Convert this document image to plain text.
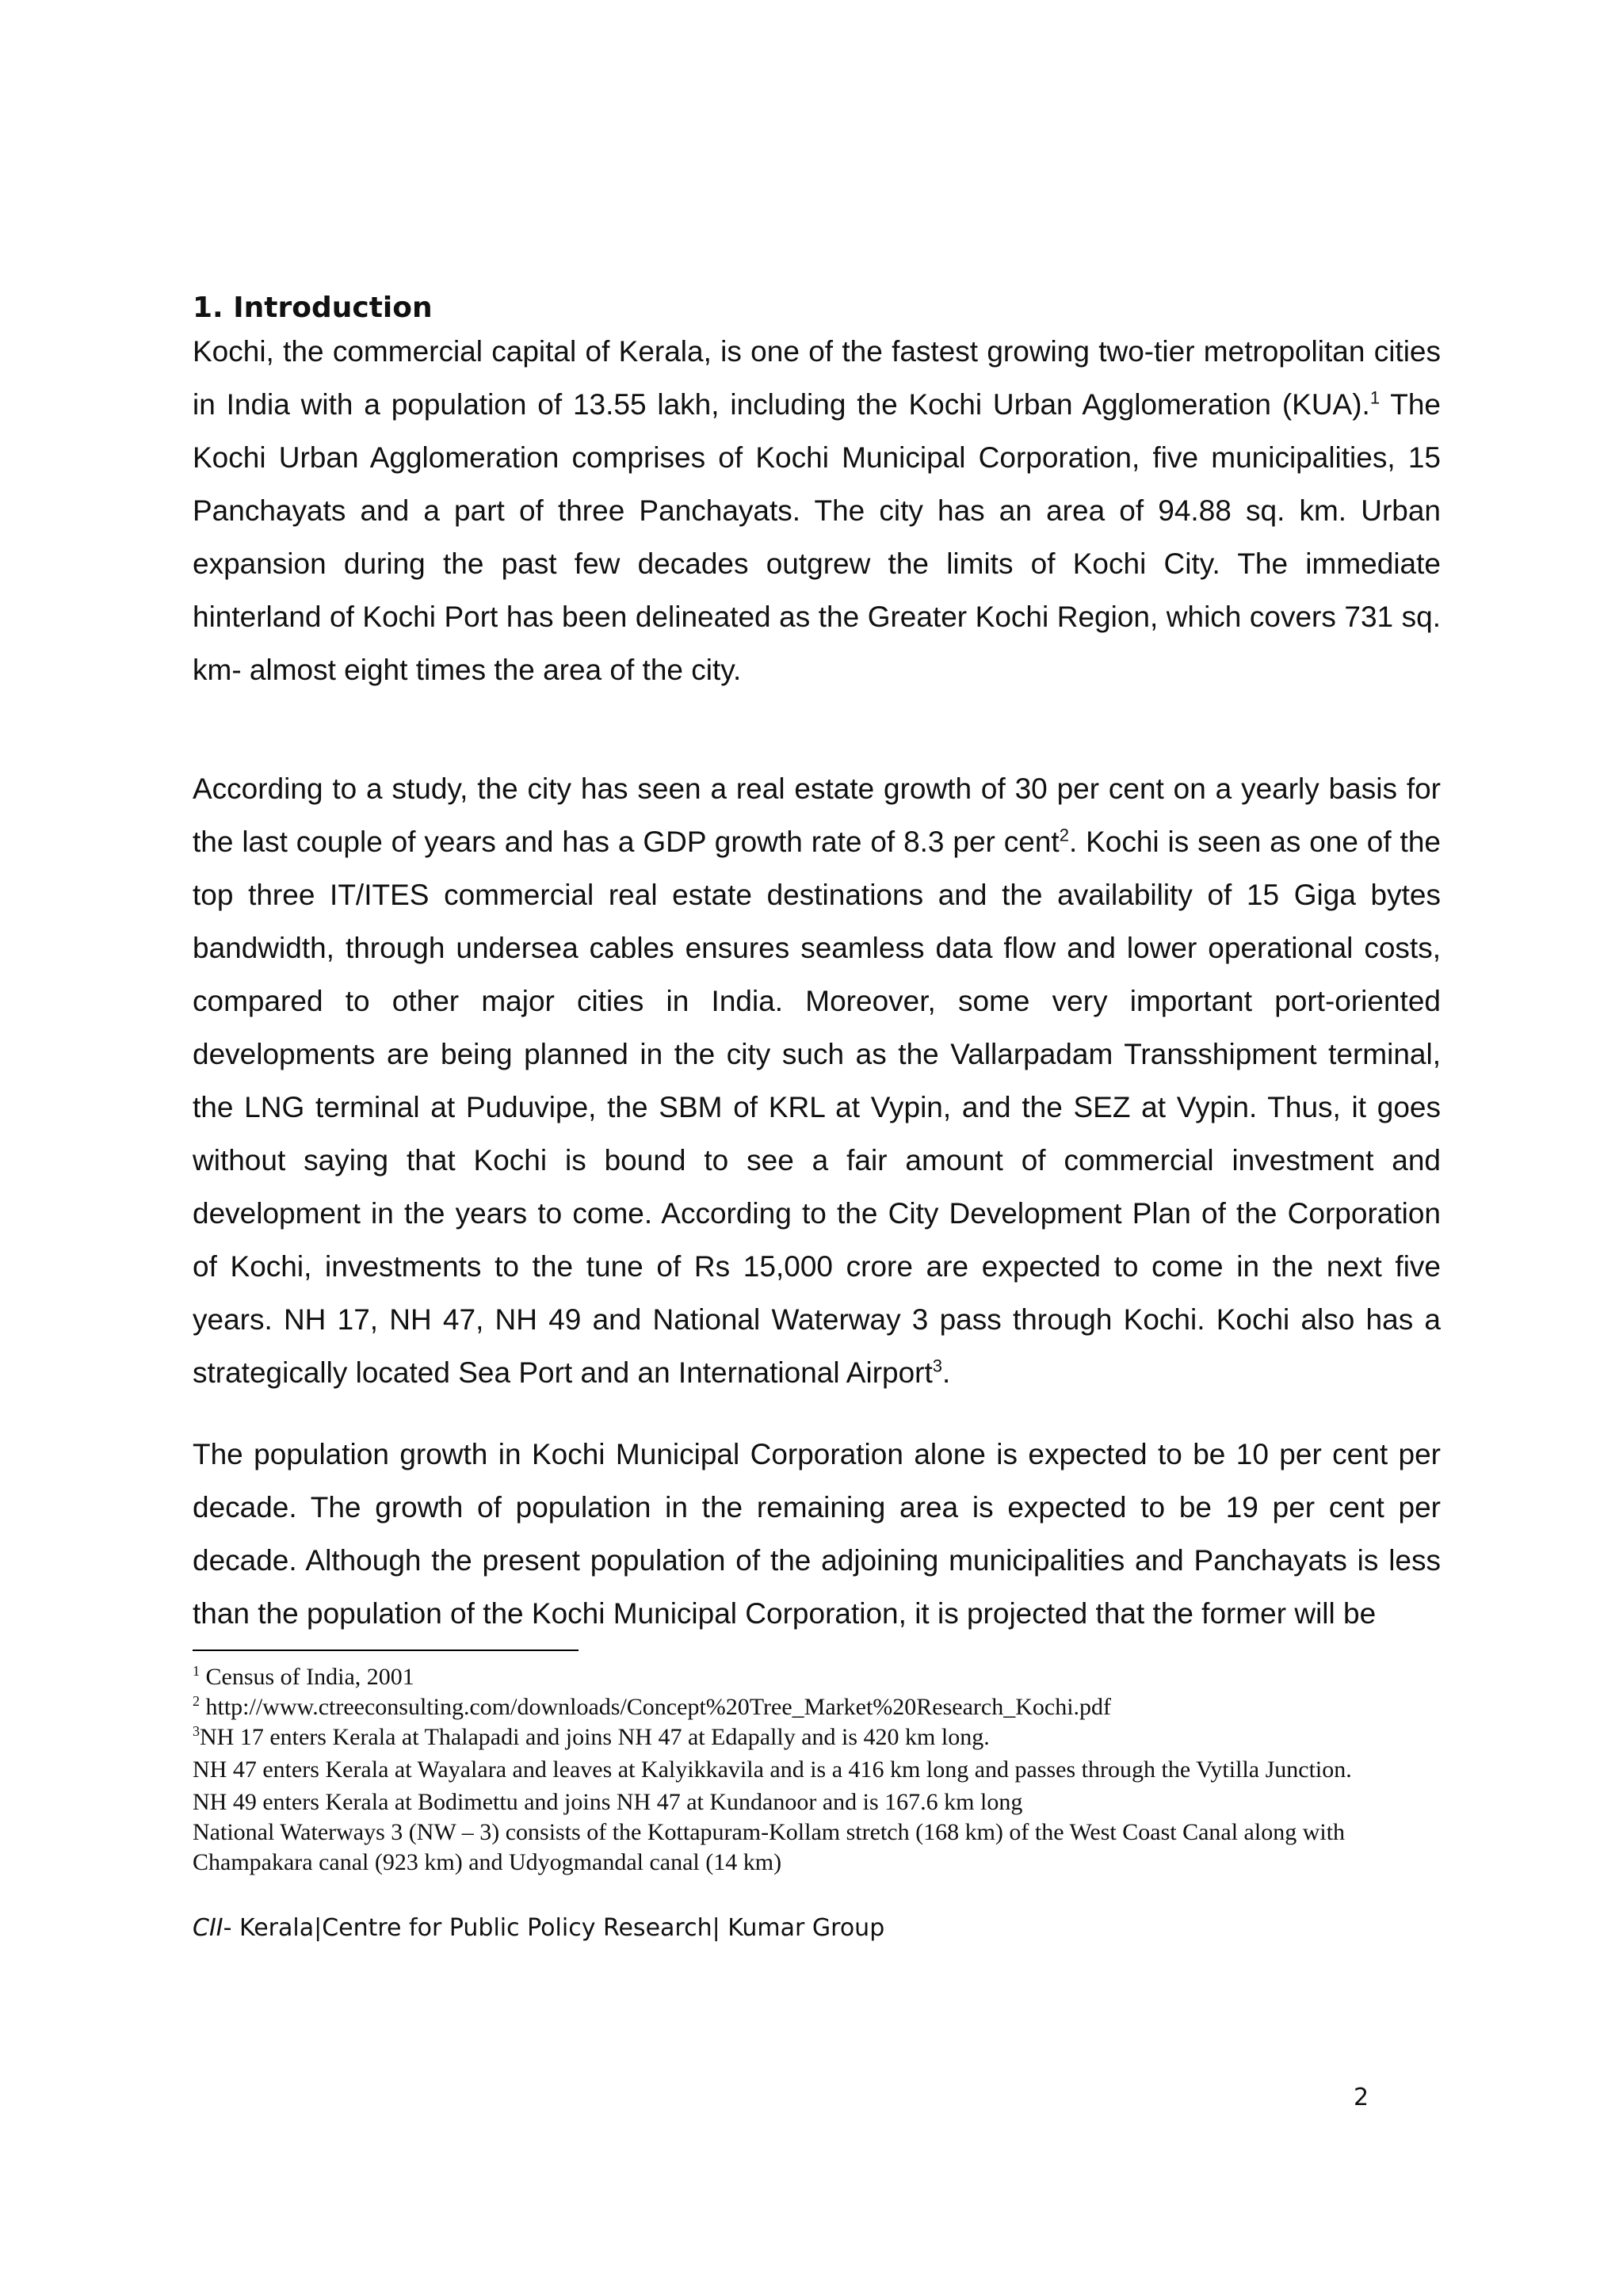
1. Introduction

Kochi, the commercial capital of Kerala, is one of the fastest growing two-tier metropolitan cities in India with a population of 13.55 lakh, including the Kochi Urban Agglomeration (KUA).$^1$ The Kochi Urban Agglomeration comprises of Kochi Municipal Corporation, five municipalities, 15 Panchayats and a part of three Panchayats. The city has an area of 94.88 sq. km. Urban expansion during the past few decades outgrew the limits of Kochi City. The immediate hinterland of Kochi Port has been delineated as the Greater Kochi Region, which covers 731 sq. km- almost eight times the area of the city.

According to a study, the city has seen a real estate growth of 30 per cent on a yearly basis for the last couple of years and has a GDP growth rate of 8.3 per cent$^2$. Kochi is seen as one of the top three IT/ITES commercial real estate destinations and the availability of 15 Giga bytes bandwidth, through undersea cables ensures seamless data flow and lower operational costs, compared to other major cities in India. Moreover, some very important port-oriented developments are being planned in the city such as the Vallarpadam Transshipment terminal, the LNG terminal at Puduvipe, the SBM of KRL at Vypin, and the SEZ at Vypin. Thus, it goes without saying that Kochi is bound to see a fair amount of commercial investment and development in the years to come. According to the City Development Plan of the Corporation of Kochi, investments to the tune of Rs 15,000 crore are expected to come in the next five years. NH 17, NH 47, NH 49 and National Waterway 3 pass through Kochi. Kochi also has a strategically located Sea Port and an International Airport$^3$.

The population growth in Kochi Municipal Corporation alone is expected to be 10 per cent per decade. The growth of population in the remaining area is expected to be 19 per cent per decade. Although the present population of the adjoining municipalities and Panchayats is less than the population of the Kochi Municipal Corporation, it is projected that the former will be

$^1$ Census of India, 2001

$^2$ http://www.ctreeconsulting.com/downloads/Concept%20Tree_Market%20Research_Kochi.pdf

$^3$NH 17 enters Kerala at Thalapadi and joins NH 47 at Edapally and is 420 km long.

NH 47 enters Kerala at Wayalara and leaves at Kalyikkavila and is a 416 km long and passes through the Vytilla Junction.

NH 49 enters Kerala at Bodimettu and joins NH 47 at Kundanoor and is 167.6 km long

National Waterways 3 (NW – 3) consists of the Kottapuram-Kollam stretch (168 km) of the West Coast Canal along with Champakara canal (923 km) and Udyogmandal canal (14 km)

CII- Kerala|Centre for Public Policy Research| Kumar Group
2
